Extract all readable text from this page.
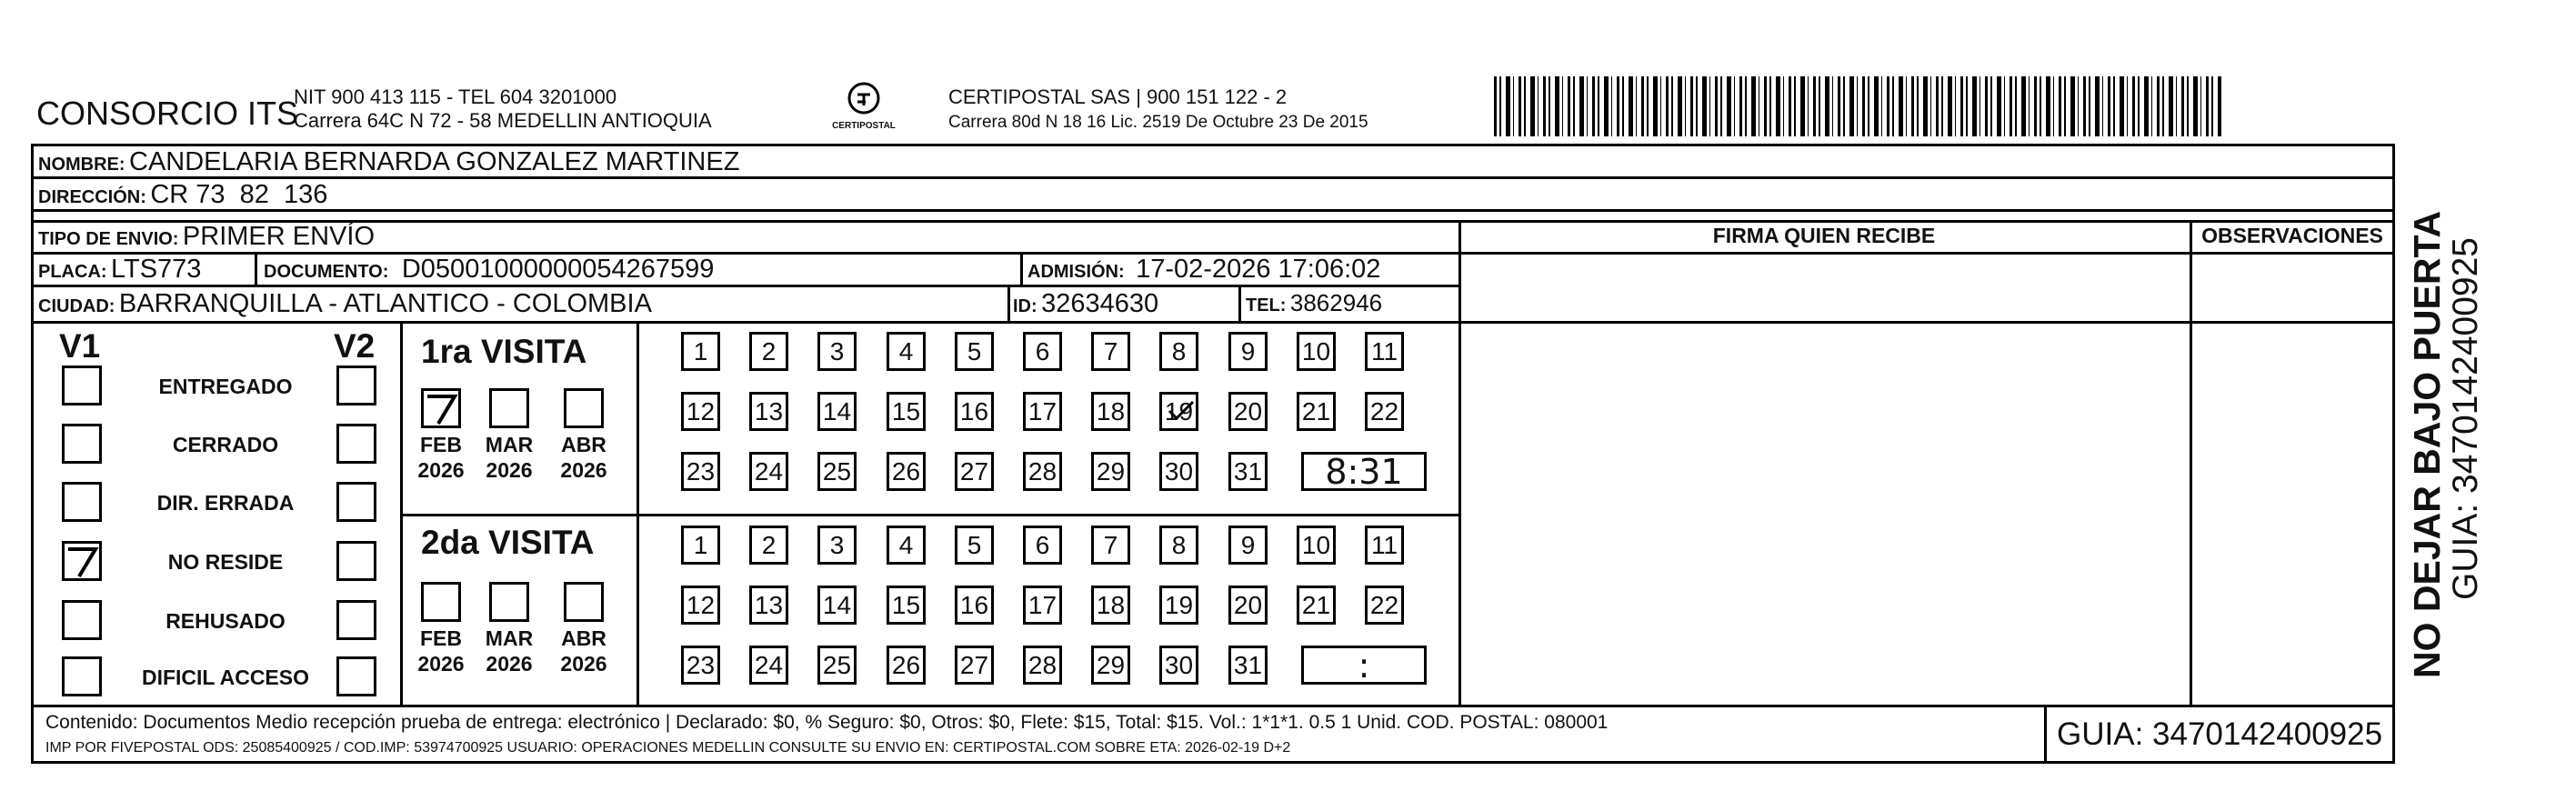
CONSORCIO ITS
NIT 900 413 115 - TEL 604 3201000
Carrera 64C N 72 - 58 MEDELLIN ANTIOQUIA	CERTIPOSTAL
CERTIPOSTAL SAS | 900 151 122 - 2
Carrera 80d N 18 16 Lic. 2519 De Octubre 23 De 2015
NOMBRE: CANDELARIA BERNARDA GONZALEZ MARTINEZ
DIRECCIÓN: CR 73  82  136
TIPO DE ENVIO: PRIMER ENVÍO
PLACA: LTS773	DOCUMENTO: D05001000000054267599	ADMISIÓN: 17-02-2026 17:06:02
CIUDAD: BARRANQUILLA - ATLANTICO - COLOMBIA	ID: 32634630	TEL: 3862946
FIRMA QUIEN RECIBE	OBSERVACIONES
V1	V2
ENTREGADO
CERRADO
DIR. ERRADA
NO RESIDE
REHUSADO
DIFICIL ACCESO
1ra VISITA
2da VISITA
FEB
2026
MAR
2026
ABR
2026
1 2 3 4 5 6 7 8 9 10 11
12 13 14 15 16 17 18 19 20 21 22
23 24 25 26 27 28 29 30 31 8:31
FEB
2026
MAR
2026
ABR
2026
1 2 3 4 5 6 7 8 9 10 11
12 13 14 15 16 17 18 19 20 21 22
23 24 25 26 27 28 29 30 31	:
Contenido: Documentos Medio recepción prueba de entrega: electrónico | Declarado: $0, % Seguro: $0, Otros: $0, Flete: $15, Total: $15. Vol.: 1*1*1. 0.5 1 Unid. COD. POSTAL: 080001
IMP POR FIVEPOSTAL ODS: 25085400925 / COD.IMP: 53974700925 USUARIO: OPERACIONES MEDELLIN CONSULTE SU ENVIO EN: CERTIPOSTAL.COM SOBRE ETA: 2026-02-19 D+2	GUIA: 3470142400925
NO DEJAR BAJO PUERTA
GUIA: 3470142400925
